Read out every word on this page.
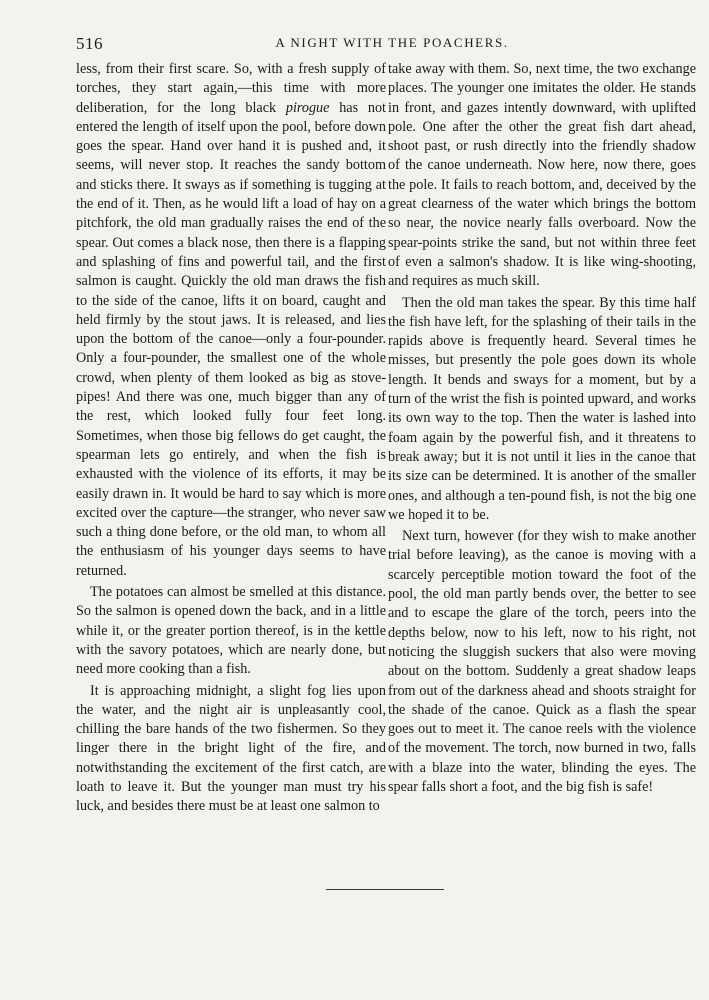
516	A NIGHT WITH THE POACHERS.

less, from their first scare. So, with a fresh supply of torches, they start again,—this time with more deliberation, for the long black pirogue has not entered the length of itself upon the pool, before down goes the spear. Hand over hand it is pushed and, it seems, will never stop. It reaches the sandy bottom and sticks there. It sways as if something is tugging at the end of it. Then, as he would lift a load of hay on a pitchfork, the old man gradually raises the end of the spear. Out comes a black nose, then there is a flapping and splashing of fins and powerful tail, and the first salmon is caught. Quickly the old man draws the fish to the side of the canoe, lifts it on board, caught and held firmly by the stout jaws. It is released, and lies upon the bottom of the canoe—only a four-pounder. Only a four-pounder, the smallest one of the whole crowd, when plenty of them looked as big as stove-pipes! And there was one, much bigger than any of the rest, which looked fully four feet long. Sometimes, when those big fellows do get caught, the spearman lets go entirely, and when the fish is exhausted with the violence of its efforts, it may be easily drawn in. It would be hard to say which is more excited over the capture—the stranger, who never saw such a thing done before, or the old man, to whom all the enthusiasm of his younger days seems to have returned.

The potatoes can almost be smelled at this distance. So the salmon is opened down the back, and in a little while it, or the greater portion thereof, is in the kettle with the savory potatoes, which are nearly done, but need more cooking than a fish.

It is approaching midnight, a slight fog lies upon the water, and the night air is unpleasantly cool, chilling the bare hands of the two fishermen. So they linger there in the bright light of the fire, and notwithstanding the excitement of the first catch, are loath to leave it. But the younger man must try his luck, and besides there must be at least one salmon to

take away with them. So, next time, the two exchange places. The younger one imitates the older. He stands in front, and gazes intently downward, with uplifted pole. One after the other the great fish dart ahead, shoot past, or rush directly into the friendly shadow of the canoe underneath. Now here, now there, goes the pole. It fails to reach bottom, and, deceived by the great clearness of the water which brings the bottom so near, the novice nearly falls overboard. Now the spear-points strike the sand, but not within three feet of even a salmon's shadow. It is like wing-shooting, and requires as much skill.

Then the old man takes the spear. By this time half the fish have left, for the splashing of their tails in the rapids above is frequently heard. Several times he misses, but presently the pole goes down its whole length. It bends and sways for a moment, but by a turn of the wrist the fish is pointed upward, and works its own way to the top. Then the water is lashed into foam again by the powerful fish, and it threatens to break away; but it is not until it lies in the canoe that its size can be determined. It is another of the smaller ones, and although a ten-pound fish, is not the big one we hoped it to be.

Next turn, however (for they wish to make another trial before leaving), as the canoe is moving with a scarcely perceptible motion toward the foot of the pool, the old man partly bends over, the better to see and to escape the glare of the torch, peers into the depths below, now to his left, now to his right, not noticing the sluggish suckers that also were moving about on the bottom. Suddenly a great shadow leaps from out of the darkness ahead and shoots straight for the shade of the canoe. Quick as a flash the spear goes out to meet it. The canoe reels with the violence of the movement. The torch, now burned in two, falls with a blaze into the water, blinding the eyes. The spear falls short a foot, and the big fish is safe!
